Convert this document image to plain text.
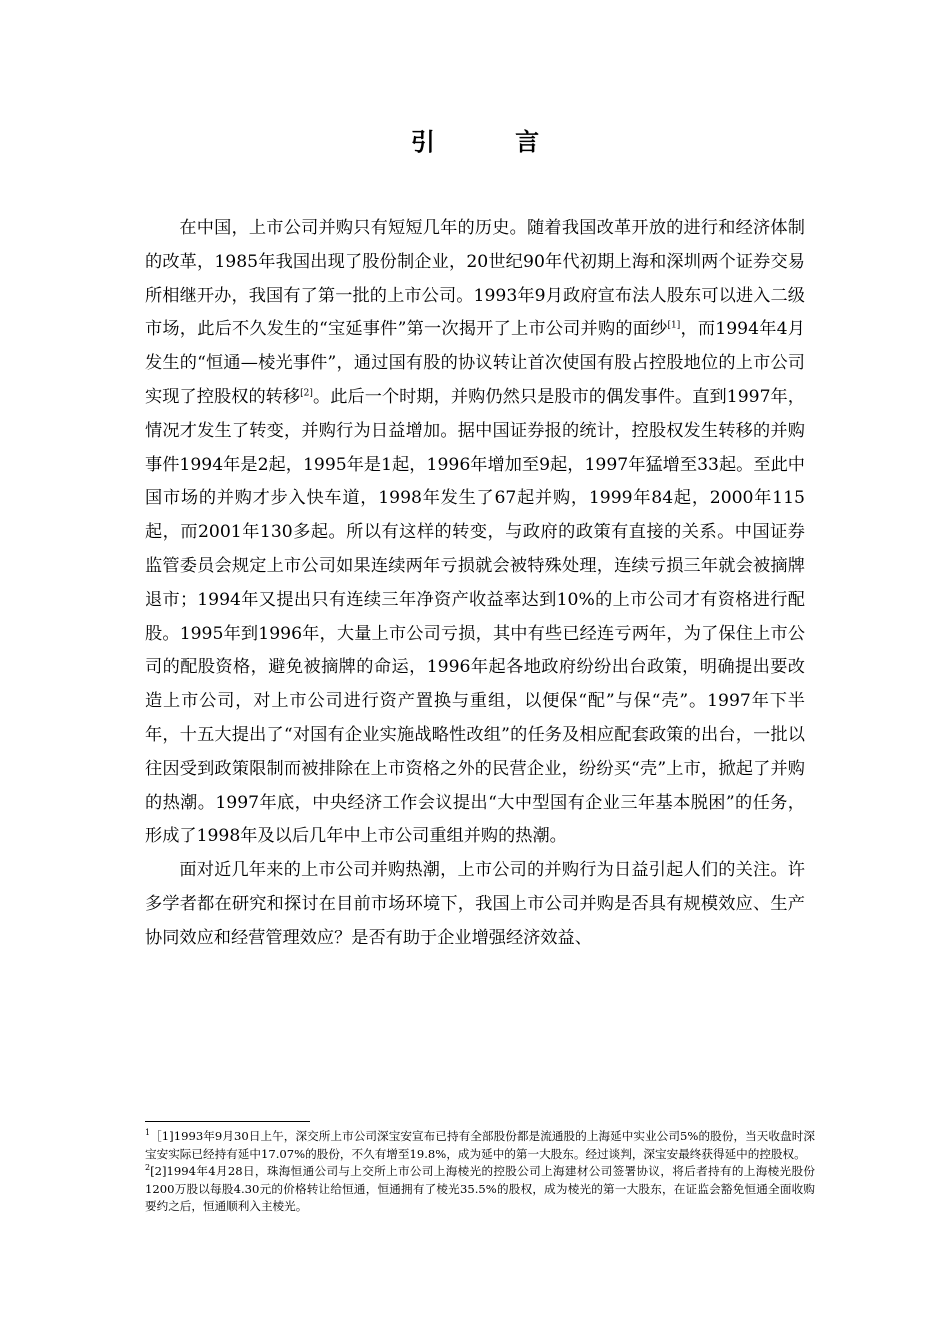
引 言

在中国，上市公司并购只有短短几年的历史。随着我国改革开放的进行和经济体制的改革，1985年我国出现了股份制企业，20世纪90年代初期上海和深圳两个证券交易所相继开办，我国有了第一批的上市公司。1993年9月政府宣布法人股东可以进入二级市场，此后不久发生的“宝延事件”第一次揭开了上市公司并购的面纱[1]，而1994年4月发生的“恒通—棱光事件”，通过国有股的协议转让首次使国有股占控股地位的上市公司实现了控股权的转移[2]。此后一个时期，并购仍然只是股市的偶发事件。直到1997年，情况才发生了转变，并购行为日益增加。据中国证券报的统计，控股权发生转移的并购事件1994年是2起，1995年是1起，1996年增加至9起，1997年猛增至33起。至此中国市场的并购才步入快车道，1998年发生了67起并购，1999年84起，2000年115起，而2001年130多起。所以有这样的转变，与政府的政策有直接的关系。中国证券监管委员会规定上市公司如果连续两年亏损就会被特殊处理，连续亏损三年就会被摘牌退市；1994年又提出只有连续三年净资产收益率达到10%的上市公司才有资格进行配股。1995年到1996年，大量上市公司亏损，其中有些已经连亏两年，为了保住上市公司的配股资格，避免被摘牌的命运，1996年起各地政府纷纷出台政策，明确提出要改造上市公司，对上市公司进行资产置换与重组，以便保“配”与保“壳”。1997年下半年，十五大提出了“对国有企业实施战略性改组”的任务及相应配套政策的出台，一批以往因受到政策限制而被排除在上市资格之外的民营企业，纷纷买“壳”上市，掀起了并购的热潮。1997年底，中央经济工作会议提出“大中型国有企业三年基本脱困”的任务，形成了1998年及以后几年中上市公司重组并购的热潮。

面对近几年来的上市公司并购热潮，上市公司的并购行为日益引起人们的关注。许多学者都在研究和探讨在目前市场环境下，我国上市公司并购是否具有规模效应、生产协同效应和经营管理效应？是否有助于企业增强经济效益、

$^1$［1]1993年9月30日上午，深交所上市公司深宝安宣布已持有全部股份都是流通股的上海延中实业公司5%的股份，当天收盘时深宝安实际已经持有延中17.07%的股份，不久有增至19.8%，成为延中的第一大股东。经过谈判，深宝安最终获得延中的控股权。

$^2$[2]1994年4月28日，珠海恒通公司与上交所上市公司上海棱光的控股公司上海建材公司签署协议，将后者持有的上海棱光股份1200万股以每股4.30元的价格转让给恒通，恒通拥有了棱光35.5%的股权，成为棱光的第一大股东，在证监会豁免恒通全面收购要约之后，恒通顺利入主棱光。
